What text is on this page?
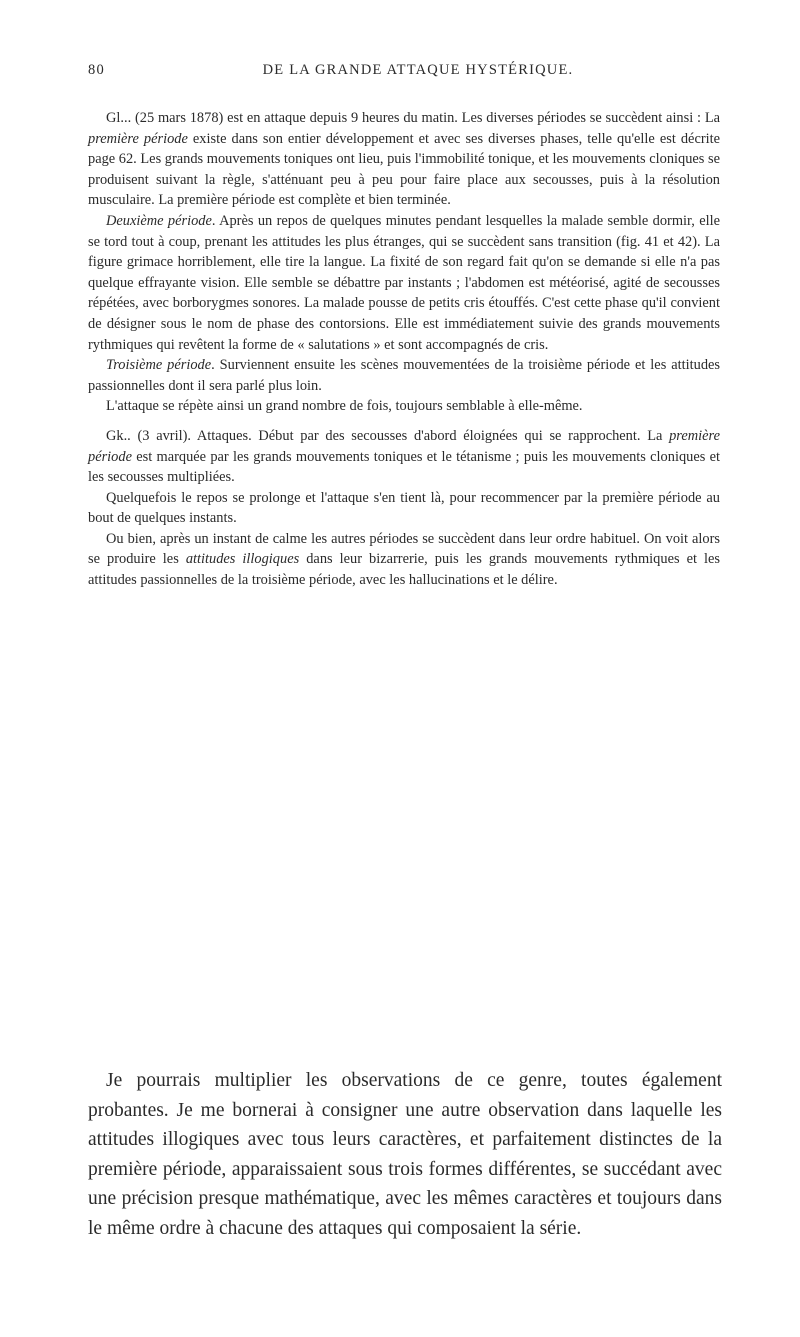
80	DE LA GRANDE ATTAQUE HYSTÉRIQUE.

Gl... (25 mars 1878) est en attaque depuis 9 heures du matin. Les diverses périodes se succèdent ainsi : La première période existe dans son entier développement et avec ses diverses phases, telle qu'elle est décrite page 62. Les grands mouvements toniques ont lieu, puis l'immobilité tonique, et les mouvements cloniques se produisent suivant la règle, s'atténuant peu à peu pour faire place aux secousses, puis à la résolution musculaire. La première période est complète et bien terminée.

Deuxième période. Après un repos de quelques minutes pendant lesquelles la malade semble dormir, elle se tord tout à coup, prenant les attitudes les plus étranges, qui se succèdent sans transition (fig. 41 et 42). La figure grimace horriblement, elle tire la langue. La fixité de son regard fait qu'on se demande si elle n'a pas quelque effrayante vision. Elle semble se débattre par instants ; l'abdomen est météorisé, agité de secousses répétées, avec borborygmes sonores. La malade pousse de petits cris étouffés. C'est cette phase qu'il convient de désigner sous le nom de phase des contorsions. Elle est immédiatement suivie des grands mouvements rythmiques qui revêtent la forme de « salutations » et sont accompagnés de cris.

Troisième période. Surviennent ensuite les scènes mouvementées de la troisième période et les attitudes passionnelles dont il sera parlé plus loin.

L'attaque se répète ainsi un grand nombre de fois, toujours semblable à elle-même.

Gk.. (3 avril). Attaques. Début par des secousses d'abord éloignées qui se rapprochent. La première période est marquée par les grands mouvements toniques et le tétanisme ; puis les mouvements cloniques et les secousses multipliées.

Quelquefois le repos se prolonge et l'attaque s'en tient là, pour recommencer par la première période au bout de quelques instants.

Ou bien, après un instant de calme les autres périodes se succèdent dans leur ordre habituel. On voit alors se produire les attitudes illogiques dans leur bizarrerie, puis les grands mouvements rythmiques et les attitudes passionnelles de la troisième période, avec les hallucinations et le délire.

Je pourrais multiplier les observations de ce genre, toutes également probantes. Je me bornerai à consigner une autre observation dans laquelle les attitudes illogiques avec tous leurs caractères, et parfaitement distinctes de la première période, apparaissaient sous trois formes différentes, se succédant avec une précision presque mathématique, avec les mêmes caractères et toujours dans le même ordre à chacune des attaques qui composaient la série.
